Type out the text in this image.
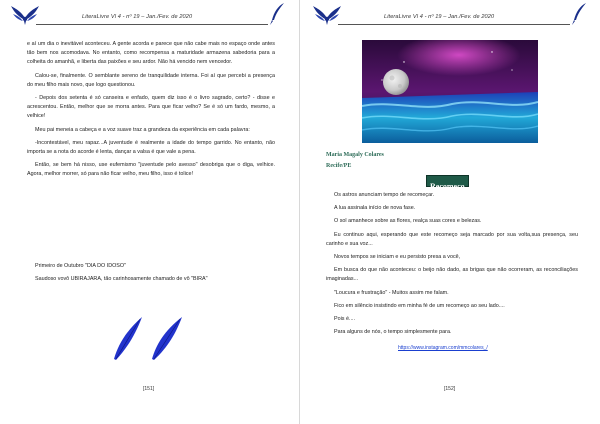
LiteraLivre Vl 4 - nº 19 – Jan./Fev. de 2020

e aí um dia o inevitável aconteceu. A gente acorda e parece que não cabe mais no espaço onde antes tão bem nos acomodava. No entanto, como recompensa a maturidade armazena sabedoria para a colheita do amanhã, e liberta das paixões e seu ardor. Não há vencido nem vencedor.

Calou-se, finalmente. O semblante sereno de tranquilidade interna. Foi aí que percebi a presença do meu filho mais novo, que logo questionou.

- Depois dos setenta é só canseira e enfado, quem diz isso é o livro sagrado, certo? - disse e acrescentou. Então, melhor que se morra antes. Para que ficar velho? Se é só um fardo, mesmo, a velhice!

Meu pai meneia a cabeça e a voz suave traz a grandeza da experiência em cada palavra:

-Incontestável, meu rapaz...A juventude é realmente a idade do tempo garrido. No entanto, não importa se a nota do acorde é lenta, dançar a valsa é que vale a pena.

Então, se bem há nisso, use eufemismo "juventude pelo avesso" desobriga que o diga, velhice. Agora, melhor morrer, só para não ficar velho, meu filho, isso é tolice!

Primeiro de Outubro "DIA DO IDOSO"

Saudoso vovô UBIRAJARA, tão carinhosamente chamado de vô "BIRA"

[151]
LiteraLivre Vl 4 - nº 19 – Jan./Fev. de 2020
Maria Magaly Colares
Recife/PE
Recomeço

Os astros anunciam tempo de recomeçar.

A lua assinala início de nova fase.

O sol amanhece sobre as flores, realça suas cores e belezas.

Eu continuo aqui, esperando que este recomeço seja marcado por sua volta,sua presença, seu carinho e sua voz...

Novos tempos se iniciam e eu persisto presa a você,

Em busca do que não aconteceu: o beijo não dado, as brigas que não ocorreram, as reconciliações imaginadas...

"Loucura e frustração" - Muitos assim me falam.

Fico em silêncio insistindo em minha fé de um recomeço ao seu lado....

Pois é....

Para alguns de nós, o tempo simplesmente para.

https://www.instagram.com/mmcolares_/
[152]
